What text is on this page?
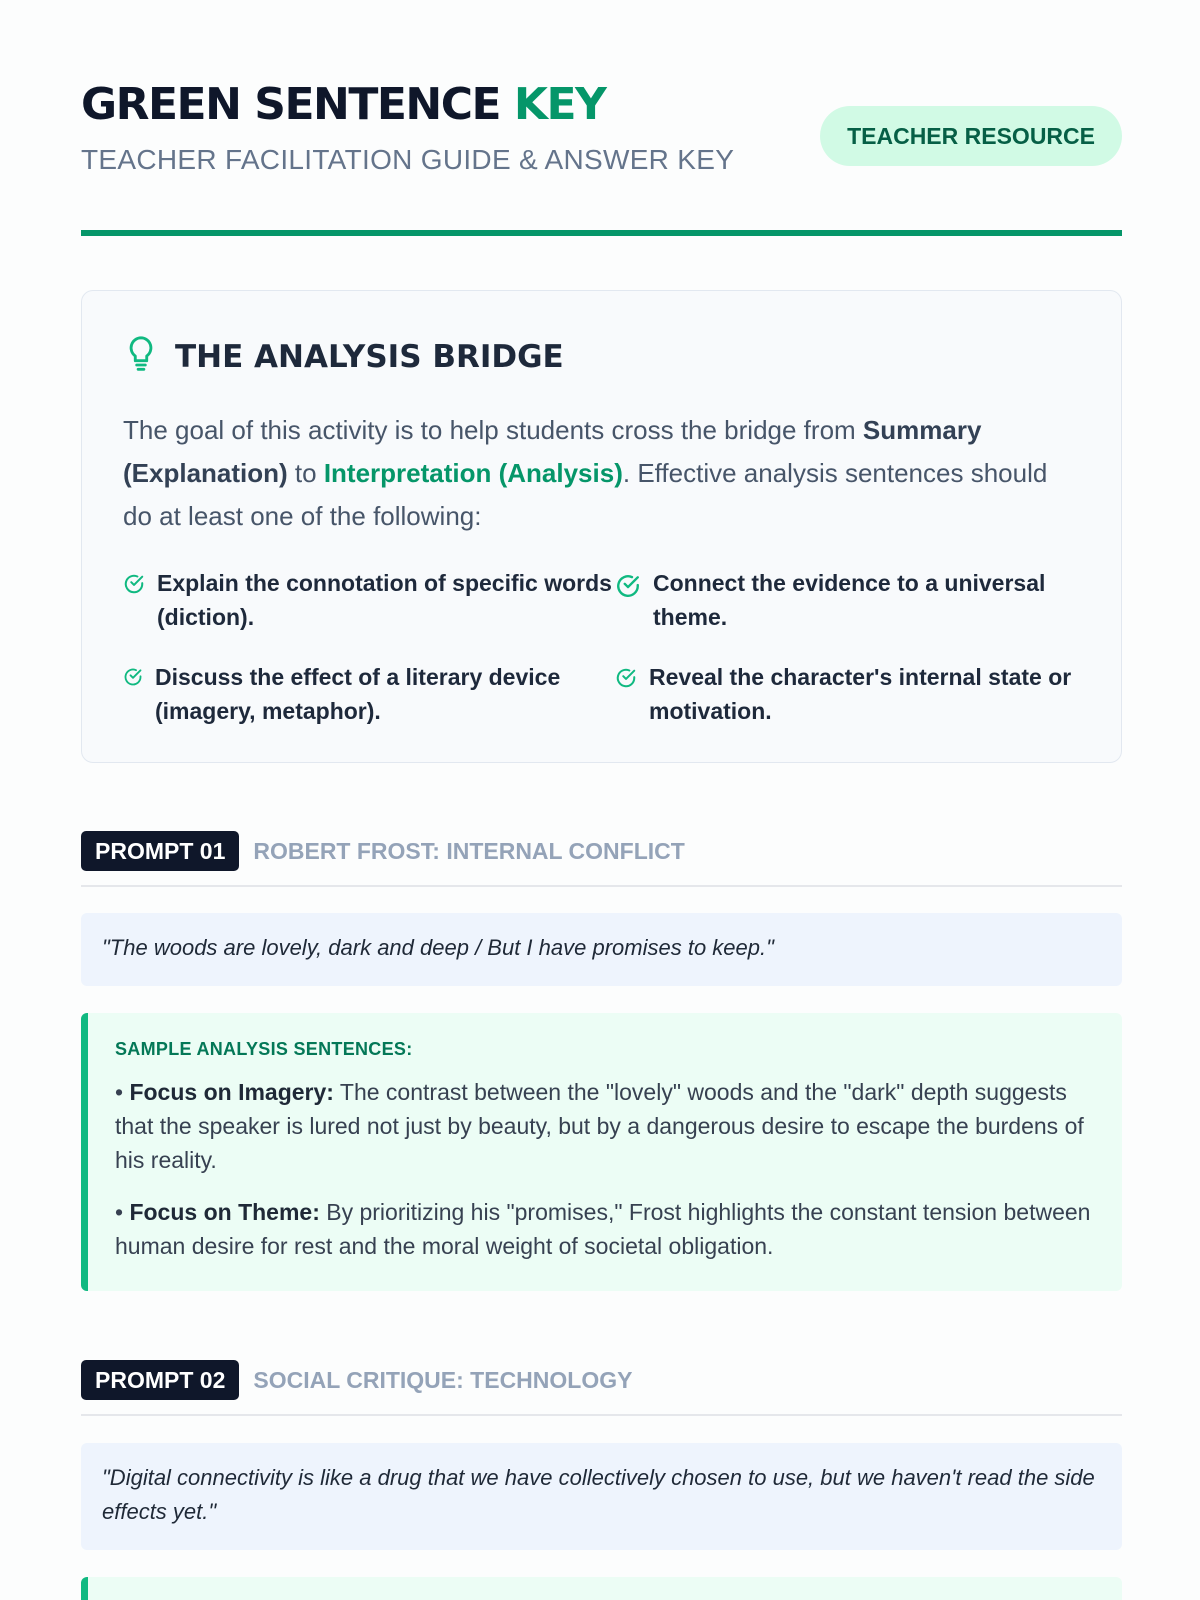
GREEN SENTENCE KEY
TEACHER FACILITATION GUIDE & ANSWER KEY
TEACHER RESOURCE
THE ANALYSIS BRIDGE
The goal of this activity is to help students cross the bridge from Summary (Explanation) to Interpretation (Analysis). Effective analysis sentences should do at least one of the following:
Explain the connotation of specific words (diction).
Connect the evidence to a universal theme.
Discuss the effect of a literary device (imagery, metaphor).
Reveal the character's internal state or motivation.
PROMPT 01	ROBERT FROST: INTERNAL CONFLICT
"The woods are lovely, dark and deep / But I have promises to keep."
SAMPLE ANALYSIS SENTENCES:

• Focus on Imagery: The contrast between the "lovely" woods and the "dark" depth suggests that the speaker is lured not just by beauty, but by a dangerous desire to escape the burdens of his reality.

• Focus on Theme: By prioritizing his "promises," Frost highlights the constant tension between human desire for rest and the moral weight of societal obligation.

PROMPT 02	SOCIAL CRITIQUE: TECHNOLOGY
"Digital connectivity is like a drug that we have collectively chosen to use, but we haven't read the side effects yet."
